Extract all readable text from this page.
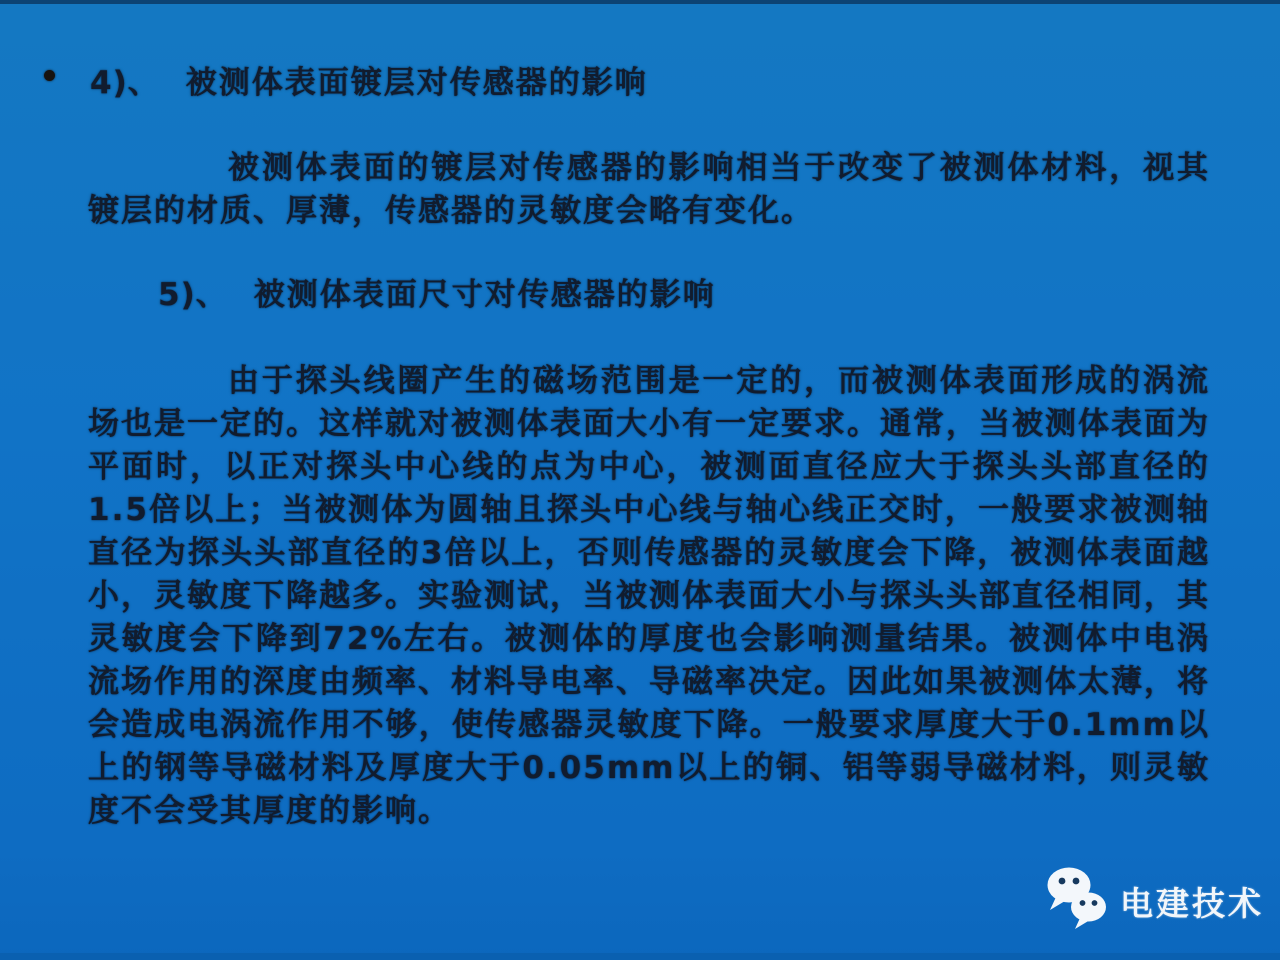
4)、 被测体表面镀层对传感器的影响

被测体表面的镀层对传感器的影响相当于改变了被测体材料，视其镀层的材质、厚薄，传感器的灵敏度会略有变化。

5)、 被测体表面尺寸对传感器的影响

由于探头线圈产生的磁场范围是一定的，而被测体表面形成的涡流场也是一定的。这样就对被测体表面大小有一定要求。通常，当被测体表面为平面时，以正对探头中心线的点为中心，被测面直径应大于探头头部直径的1.5倍以上；当被测体为圆轴且探头中心线与轴心线正交时，一般要求被测轴直径为探头头部直径的3倍以上，否则传感器的灵敏度会下降，被测体表面越小，灵敏度下降越多。实验测试，当被测体表面大小与探头头部直径相同，其灵敏度会下降到72%左右。被测体的厚度也会影响测量结果。被测体中电涡流场作用的深度由频率、材料导电率、导磁率决定。因此如果被测体太薄，将会造成电涡流作用不够，使传感器灵敏度下降。一般要求厚度大于0.1mm以上的钢等导磁材料及厚度大于0.05mm以上的铜、铝等弱导磁材料，则灵敏度不会受其厚度的影响。

电建技术
